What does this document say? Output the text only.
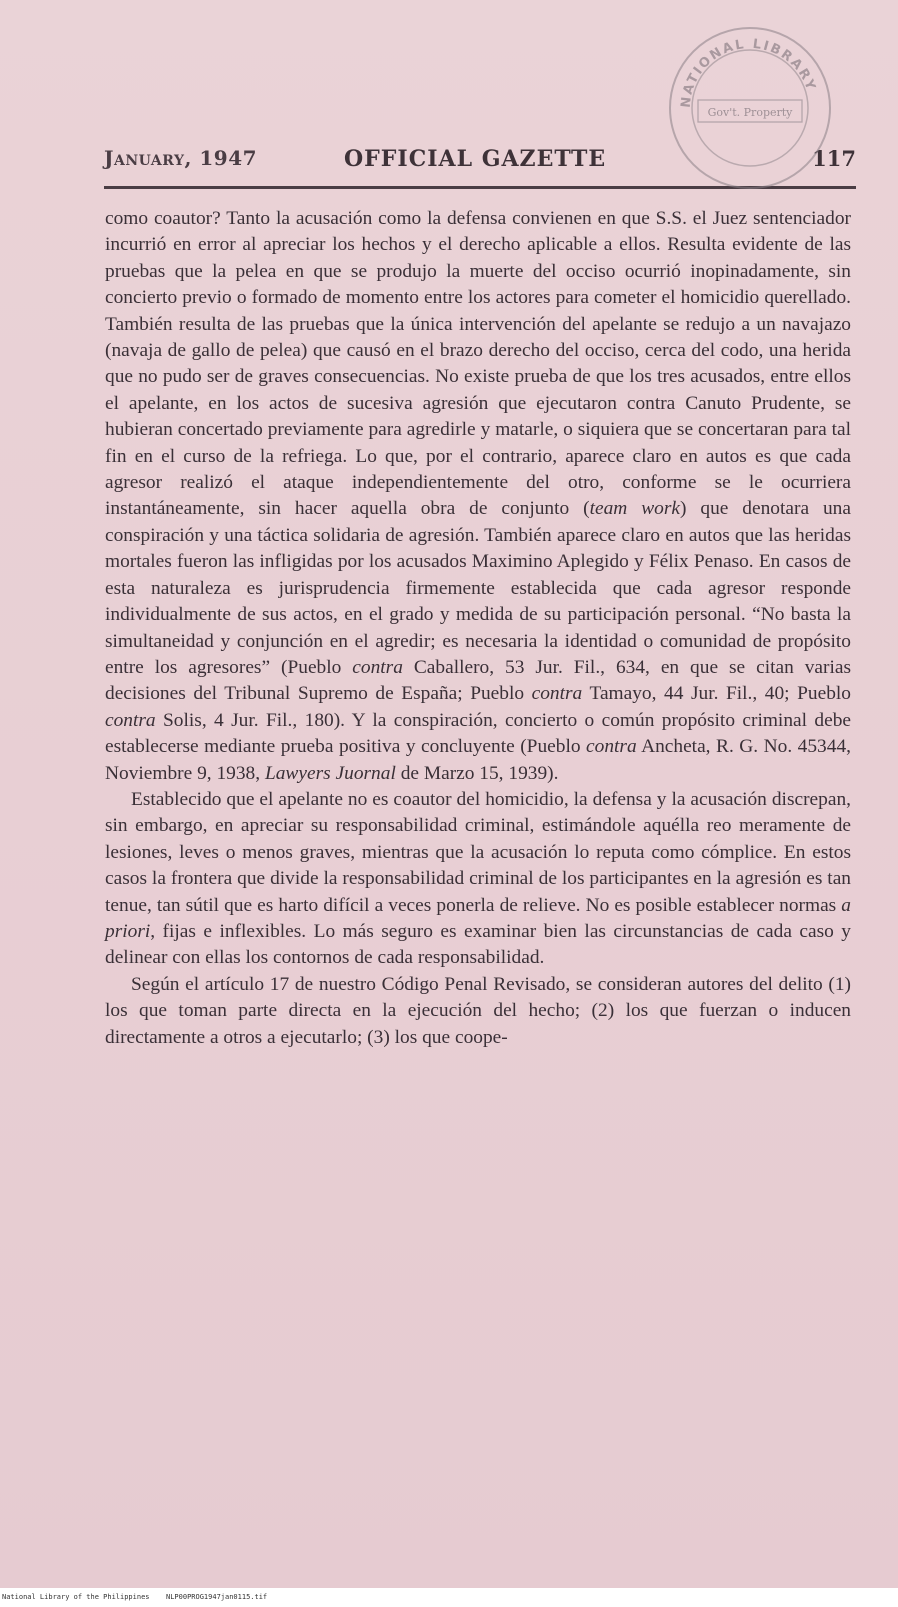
January, 1947	OFFICIAL GAZETTE	117
NATIONAL LIBRARY
Gov't. Property

como coautor? Tanto la acusación como la defensa convienen en que S.S. el Juez sentenciador incurrió en error al apreciar los hechos y el derecho aplicable a ellos. Resulta evidente de las pruebas que la pelea en que se produjo la muerte del occiso ocurrió inopinadamente, sin concierto previo o formado de momento entre los actores para cometer el homicidio querellado. También resulta de las pruebas que la única intervención del apelante se redujo a un navajazo (navaja de gallo de pelea) que causó en el brazo derecho del occiso, cerca del codo, una herida que no pudo ser de graves consecuencias. No existe prueba de que los tres acusados, entre ellos el apelante, en los actos de sucesiva agresión que ejecutaron contra Canuto Prudente, se hubieran concertado previamente para agredirle y matarle, o siquiera que se concertaran para tal fin en el curso de la refriega. Lo que, por el contrario, aparece claro en autos es que cada agresor realizó el ataque independientemente del otro, conforme se le ocurriera instantáneamente, sin hacer aquella obra de conjunto (team work) que denotara una conspiración y una táctica solidaria de agresión. También aparece claro en autos que las heridas mortales fueron las infligidas por los acusados Maximino Aplegido y Félix Penaso. En casos de esta naturaleza es jurisprudencia firmemente establecida que cada agresor responde individualmente de sus actos, en el grado y medida de su participación personal. “No basta la simultaneidad y conjunción en el agredir; es necesaria la identidad o comunidad de propósito entre los agresores” (Pueblo contra Caballero, 53 Jur. Fil., 634, en que se citan varias decisiones del Tribunal Supremo de España; Pueblo contra Tamayo, 44 Jur. Fil., 40; Pueblo contra Solis, 4 Jur. Fil., 180). Y la conspiración, concierto o común propósito criminal debe establecerse mediante prueba positiva y concluyente (Pueblo contra Ancheta, R. G. No. 45344, Noviembre 9, 1938, Lawyers Juornal de Marzo 15, 1939).

Establecido que el apelante no es coautor del homicidio, la defensa y la acusación discrepan, sin embargo, en apreciar su responsabilidad criminal, estimándole aquélla reo meramente de lesiones, leves o menos graves, mientras que la acusación lo reputa como cómplice. En estos casos la frontera que divide la responsabilidad criminal de los participantes en la agresión es tan tenue, tan sútil que es harto difícil a veces ponerla de relieve. No es posible establecer normas a priori, fijas e inflexibles. Lo más seguro es examinar bien las circunstancias de cada caso y delinear con ellas los contornos de cada responsabilidad.

Según el artículo 17 de nuestro Código Penal Revisado, se consideran autores del delito (1) los que toman parte directa en la ejecución del hecho; (2) los que fuerzan o inducen directamente a otros a ejecutarlo; (3) los que coope-

National Library of the Philippines NLP00PROG1947jan0115.tif
